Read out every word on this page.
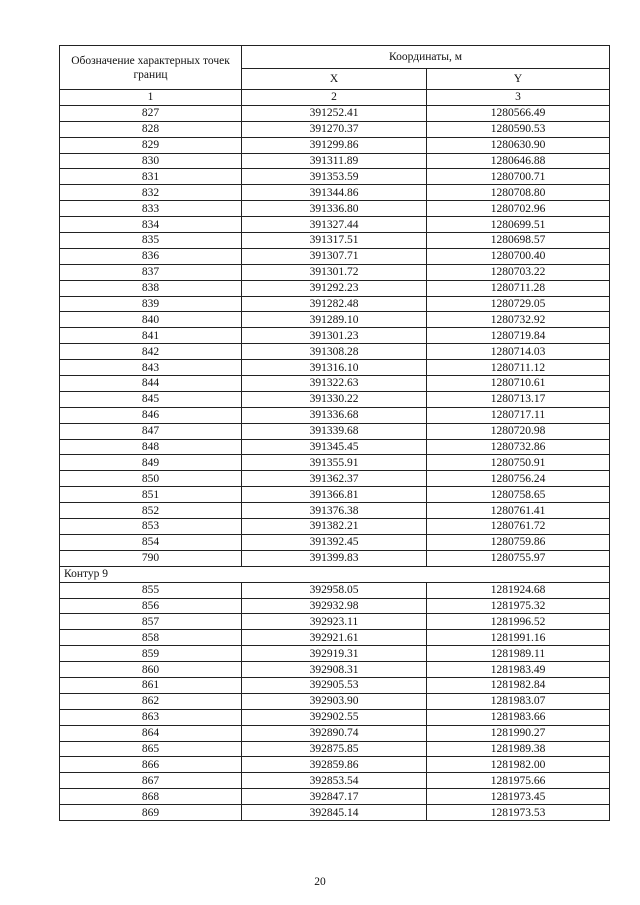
Обозначение характерных точек границ	Координаты, м	
	X	Y
1	2	3
827	391252.41	1280566.49
828	391270.37	1280590.53
829	391299.86	1280630.90
830	391311.89	1280646.88
831	391353.59	1280700.71
832	391344.86	1280708.80
833	391336.80	1280702.96
834	391327.44	1280699.51
835	391317.51	1280698.57
836	391307.71	1280700.40
837	391301.72	1280703.22
838	391292.23	1280711.28
839	391282.48	1280729.05
840	391289.10	1280732.92
841	391301.23	1280719.84
842	391308.28	1280714.03
843	391316.10	1280711.12
844	391322.63	1280710.61
845	391330.22	1280713.17
846	391336.68	1280717.11
847	391339.68	1280720.98
848	391345.45	1280732.86
849	391355.91	1280750.91
850	391362.37	1280756.24
851	391366.81	1280758.65
852	391376.38	1280761.41
853	391382.21	1280761.72
854	391392.45	1280759.86
790	391399.83	1280755.97
Контур 9		
855	392958.05	1281924.68
856	392932.98	1281975.32
857	392923.11	1281996.52
858	392921.61	1281991.16
859	392919.31	1281989.11
860	392908.31	1281983.49
861	392905.53	1281982.84
862	392903.90	1281983.07
863	392902.55	1281983.66
864	392890.74	1281990.27
865	392875.85	1281989.38
866	392859.86	1281982.00
867	392853.54	1281975.66
868	392847.17	1281973.45
869	392845.14	1281973.53
20
